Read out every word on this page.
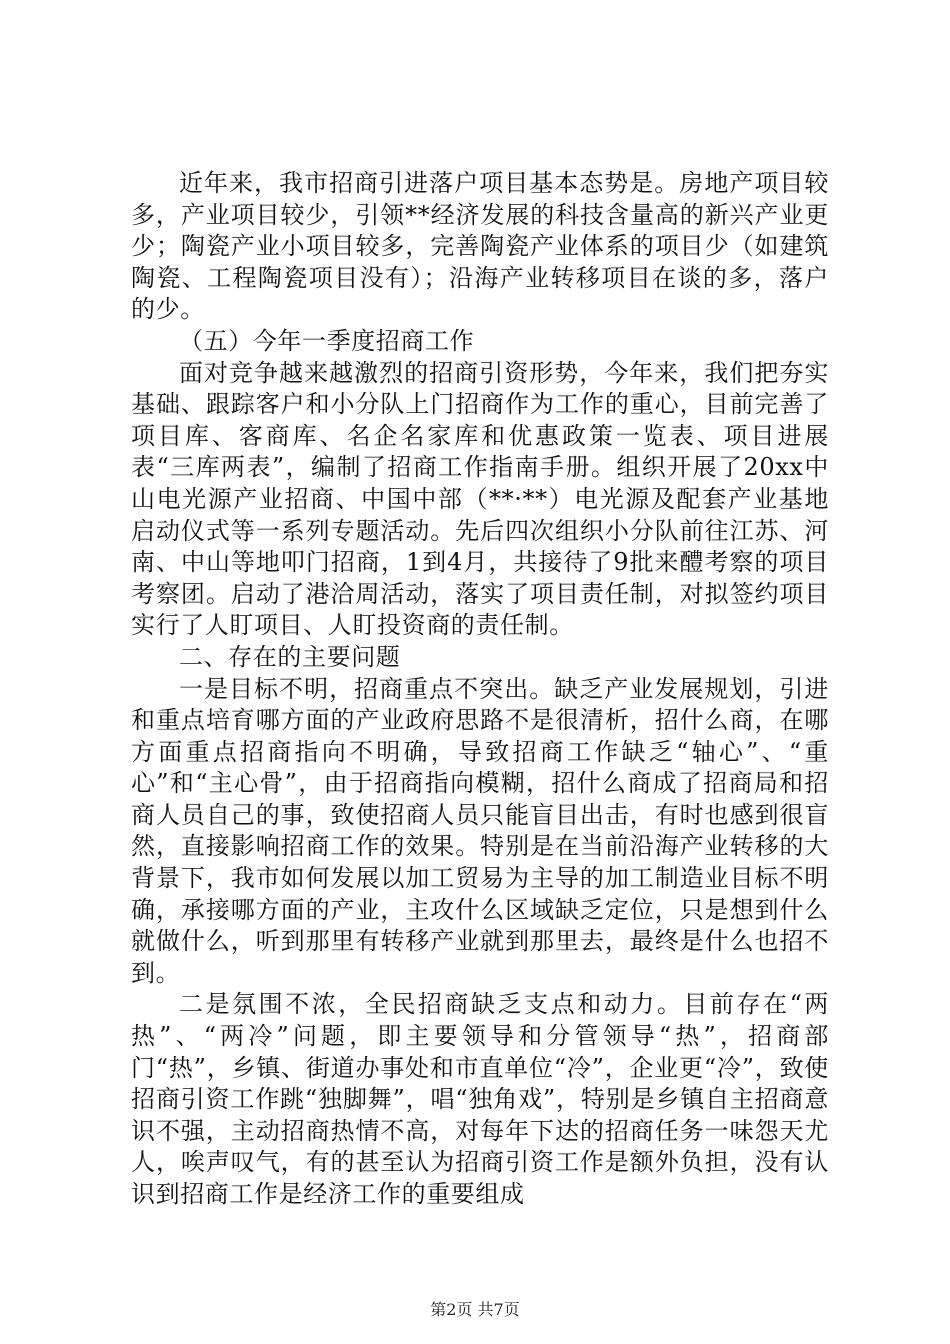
近年来，我市招商引进落户项目基本态势是。房地产项目较多，产业项目较少，引领**经济发展的科技含量高的新兴产业更少；陶瓷产业小项目较多，完善陶瓷产业体系的项目少（如建筑陶瓷、工程陶瓷项目没有）；沿海产业转移项目在谈的多，落户的少。

（五）今年一季度招商工作

面对竞争越来越激烈的招商引资形势，今年来，我们把夯实基础、跟踪客户和小分队上门招商作为工作的重心，目前完善了项目库、客商库、名企名家库和优惠政策一览表、项目进展表“三库两表”，编制了招商工作指南手册。组织开展了20xx中山电光源产业招商、中国中部（**·**）电光源及配套产业基地启动仪式等一系列专题活动。先后四次组织小分队前往江苏、河南、中山等地叩门招商，1到4月，共接待了9批来醴考察的项目考察团。启动了港洽周活动，落实了项目责任制，对拟签约项目实行了人盯项目、人盯投资商的责任制。

二、存在的主要问题

一是目标不明，招商重点不突出。缺乏产业发展规划，引进和重点培育哪方面的产业政府思路不是很清析，招什么商，在哪方面重点招商指向不明确，导致招商工作缺乏“轴心”、“重心”和“主心骨”，由于招商指向模糊，招什么商成了招商局和招商人员自己的事，致使招商人员只能盲目出击，有时也感到很盲然，直接影响招商工作的效果。特别是在当前沿海产业转移的大背景下，我市如何发展以加工贸易为主导的加工制造业目标不明确，承接哪方面的产业，主攻什么区域缺乏定位，只是想到什么就做什么，听到那里有转移产业就到那里去，最终是什么也招不到。

二是氛围不浓，全民招商缺乏支点和动力。目前存在“两热”、“两冷”问题，即主要领导和分管领导“热”，招商部门“热”，乡镇、街道办事处和市直单位“冷”，企业更“冷”，致使招商引资工作跳“独脚舞”，唱“独角戏”，特别是乡镇自主招商意识不强，主动招商热情不高，对每年下达的招商任务一味怨天尤人，唉声叹气，有的甚至认为招商引资工作是额外负担，没有认识到招商工作是经济工作的重要组成

第2页 共7页
